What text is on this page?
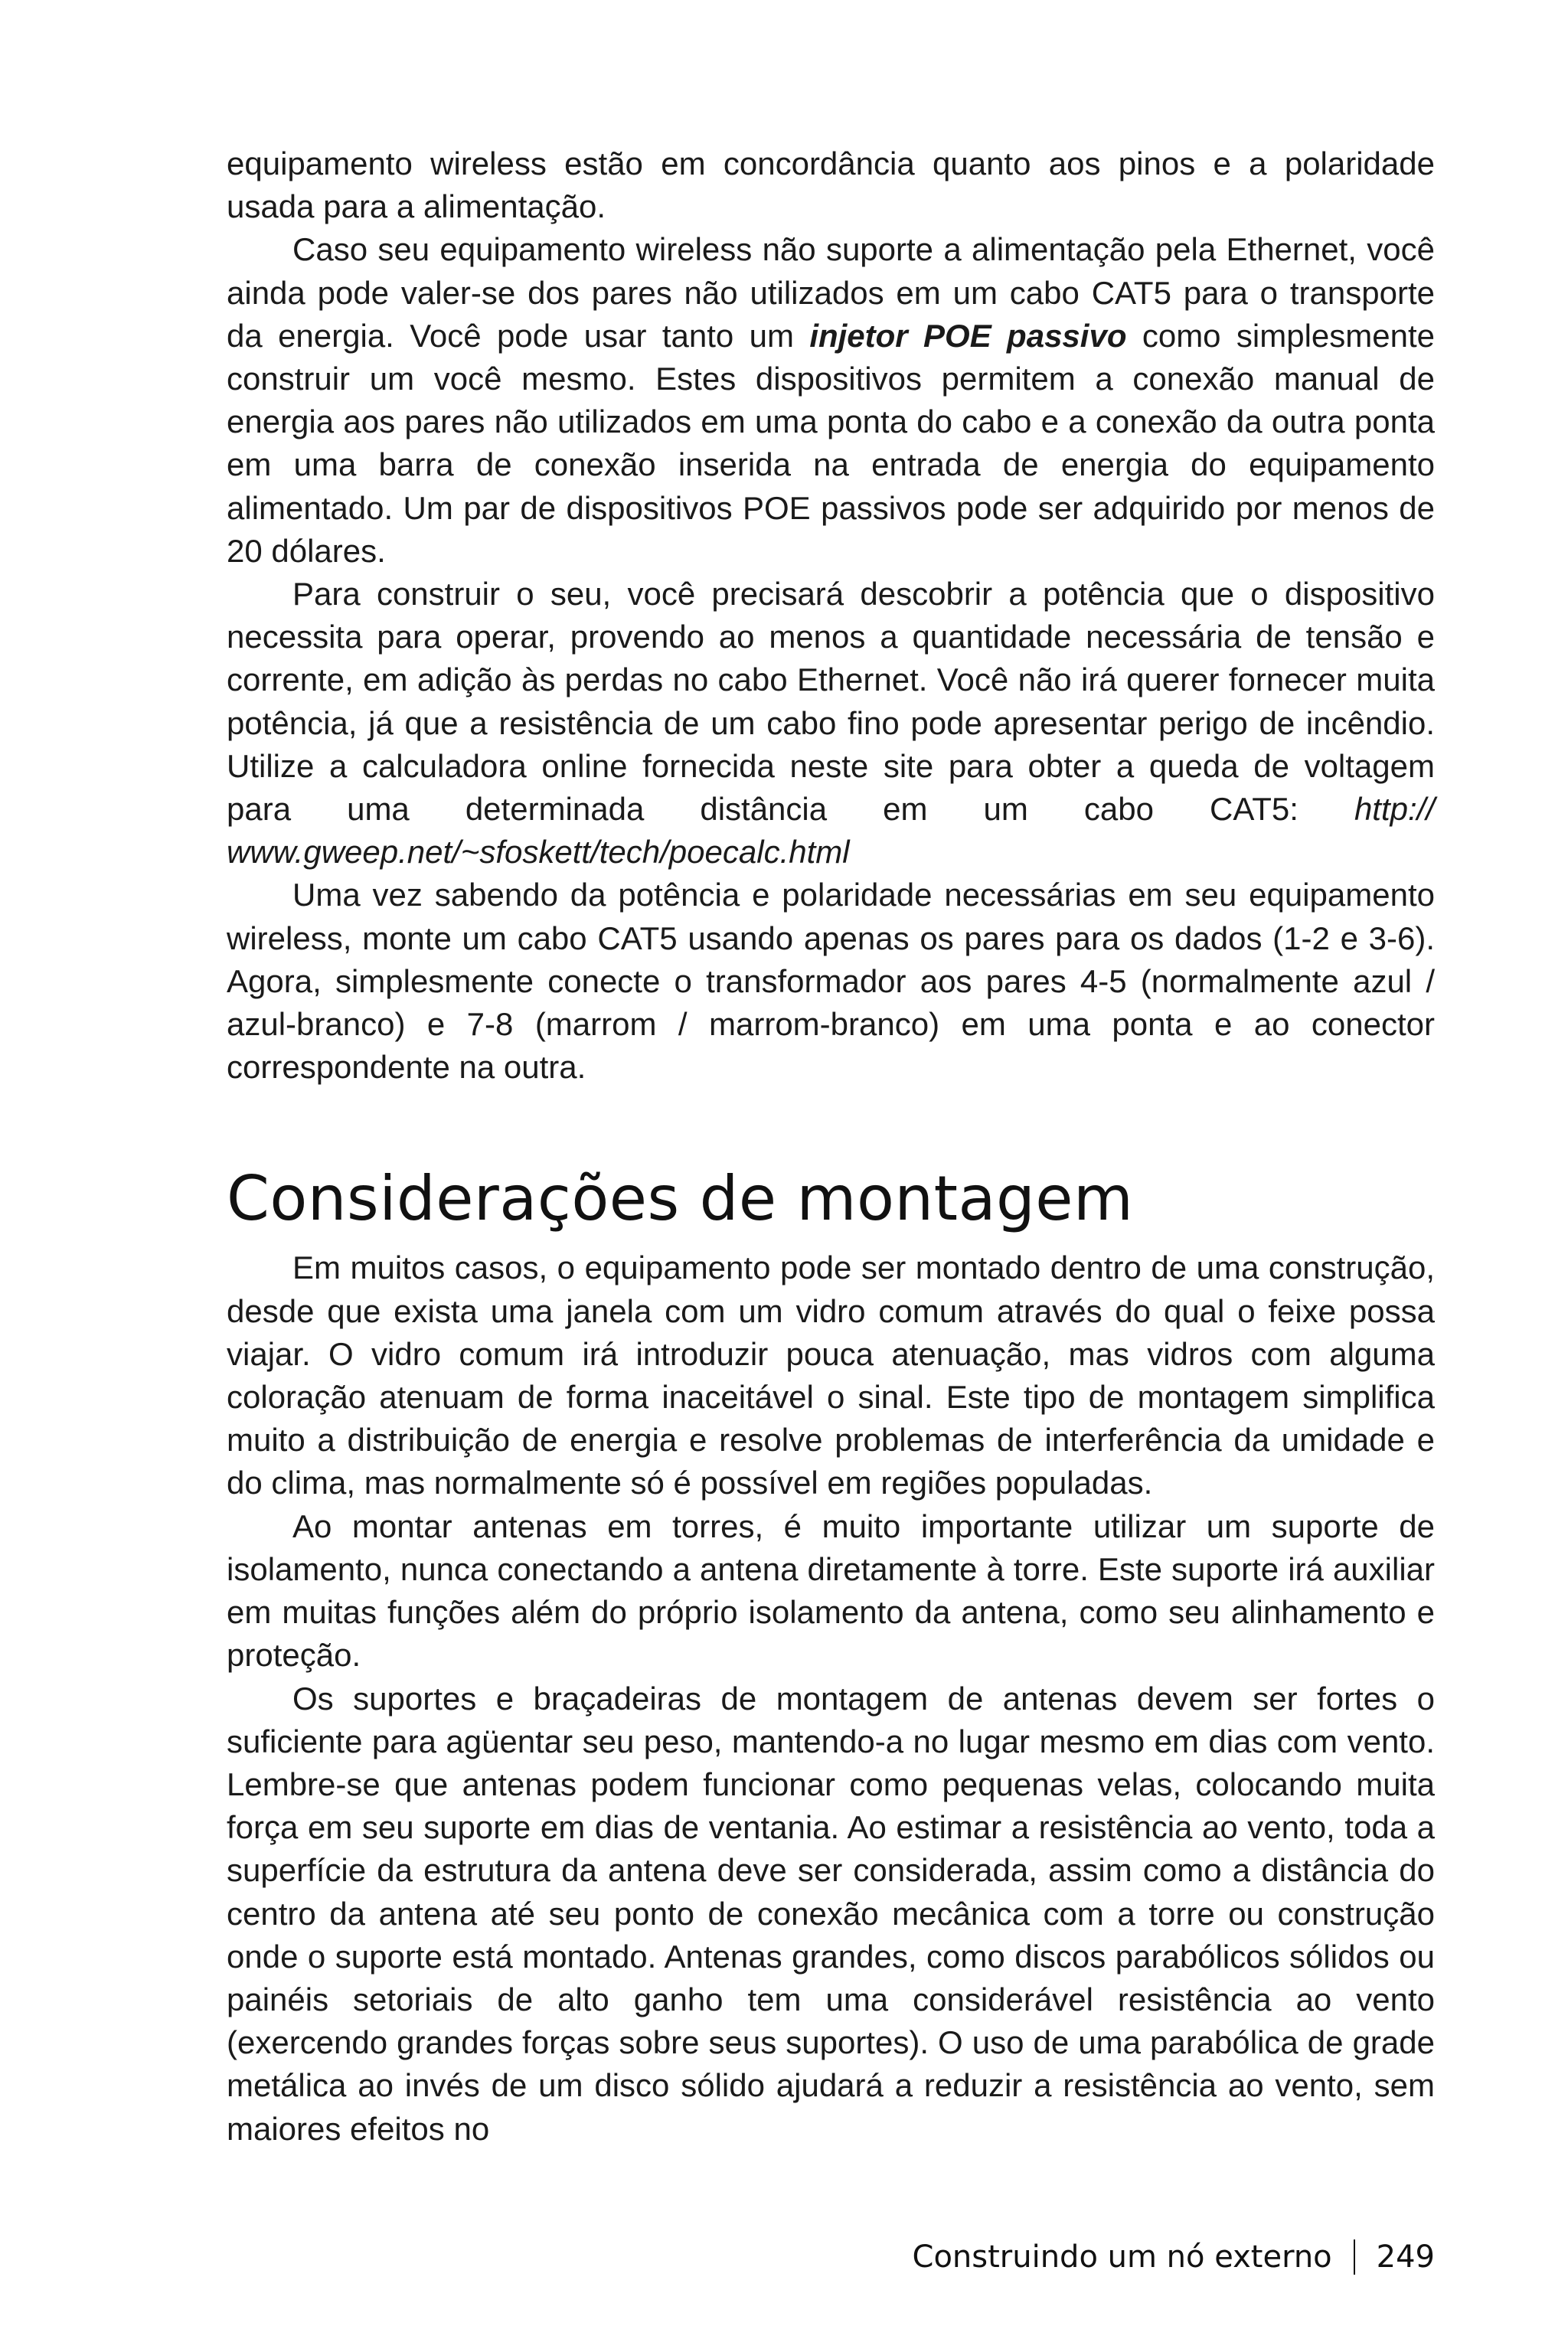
equipamento wireless estão em concordância quanto aos pinos e a polaridade usada para a alimentação.

Caso seu equipamento wireless não suporte a alimentação pela Ethernet, você ainda pode valer-se dos pares não utilizados em um cabo CAT5 para o transporte da energia. Você pode usar tanto um injetor POE passivo como simplesmente construir um você mesmo. Estes dispositivos permitem a conexão manual de energia aos pares não utilizados em uma ponta do cabo e a conexão da outra ponta em uma barra de conexão inserida na entrada de energia do equipamento alimentado. Um par de dispositivos POE passivos pode ser adquirido por menos de 20 dólares.

Para construir o seu, você precisará descobrir a potência que o dispositivo necessita para operar, provendo ao menos a quantidade necessária de tensão e corrente, em adição às perdas no cabo Ethernet. Você não irá querer fornecer muita potência, já que a resistência de um cabo fino pode apresentar perigo de incêndio. Utilize a calculadora online fornecida neste site para obter a queda de voltagem para uma determinada distância em um cabo CAT5: http:// www.gweep.net/~sfoskett/tech/poecalc.html

Uma vez sabendo da potência e polaridade necessárias em seu equipamento wireless, monte um cabo CAT5 usando apenas os pares para os dados (1-2 e 3-6). Agora, simplesmente conecte o transformador aos pares 4-5 (normalmente azul / azul-branco) e 7-8 (marrom / marrom-branco) em uma ponta e ao conector correspondente na outra.

Considerações de montagem

Em muitos casos, o equipamento pode ser montado dentro de uma construção, desde que exista uma janela com um vidro comum através do qual o feixe possa viajar. O vidro comum irá introduzir pouca atenuação, mas vidros com alguma coloração atenuam de forma inaceitável o sinal. Este tipo de montagem simplifica muito a distribuição de energia e resolve problemas de interferência da umidade e do clima, mas normalmente só é possível em regiões populadas.

Ao montar antenas em torres, é muito importante utilizar um suporte de isolamento, nunca conectando a antena diretamente à torre. Este suporte irá auxiliar em muitas funções além do próprio isolamento da antena, como seu alinhamento e proteção.

Os suportes e braçadeiras de montagem de antenas devem ser fortes o suficiente para agüentar seu peso, mantendo-a no lugar mesmo em dias com vento. Lembre-se que antenas podem funcionar como pequenas velas, colocando muita força em seu suporte em dias de ventania. Ao estimar a resistência ao vento, toda a superfície da estrutura da antena deve ser considerada, assim como a distância do centro da antena até seu ponto de conexão mecânica com a torre ou construção onde o suporte está montado. Antenas grandes, como discos parabólicos sólidos ou painéis setoriais de alto ganho tem uma considerável resistência ao vento (exercendo grandes forças sobre seus suportes). O uso de uma parabólica de grade metálica ao invés de um disco sólido ajudará a reduzir a resistência ao vento, sem maiores efeitos no

Construindo um nó externo 249
